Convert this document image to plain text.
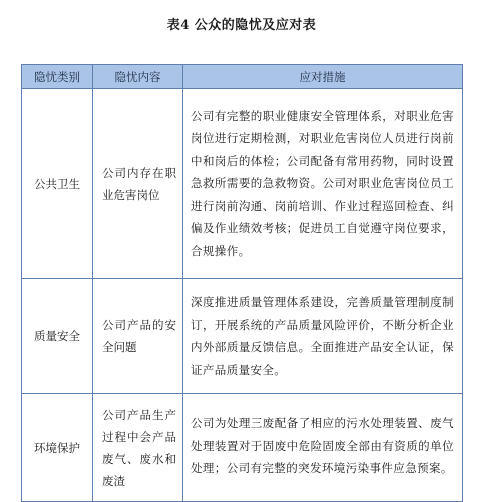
表4 公众的隐忧及应对表
隐忧类别	隐忧内容	应对措施
公共卫生	公司内存在职业危害岗位	公司有完整的职业健康安全管理体系，对职业危害岗位进行定期检测，对职业危害岗位人员进行岗前中和岗后的体检；公司配备有常用药物，同时设置急救所需要的急救物资。公司对职业危害岗位员工进行岗前沟通、岗前培训、作业过程巡回检查、纠偏及作业绩效考核；促进员工自觉遵守岗位要求，合规操作。
质量安全	公司产品的安全问题	深度推进质量管理体系建设，完善质量管理制度制订，开展系统的产品质量风险评价，不断分析企业内外部质量反馈信息。全面推进产品安全认证，保证产品质量安全。
环境保护	公司产品生产过程中会产品废气、废水和废渣	公司为处理三废配备了相应的污水处理装置、废气处理装置对于固废中危险固废全部由有资质的单位处理；公司有完整的突发环境污染事件应急预案。
